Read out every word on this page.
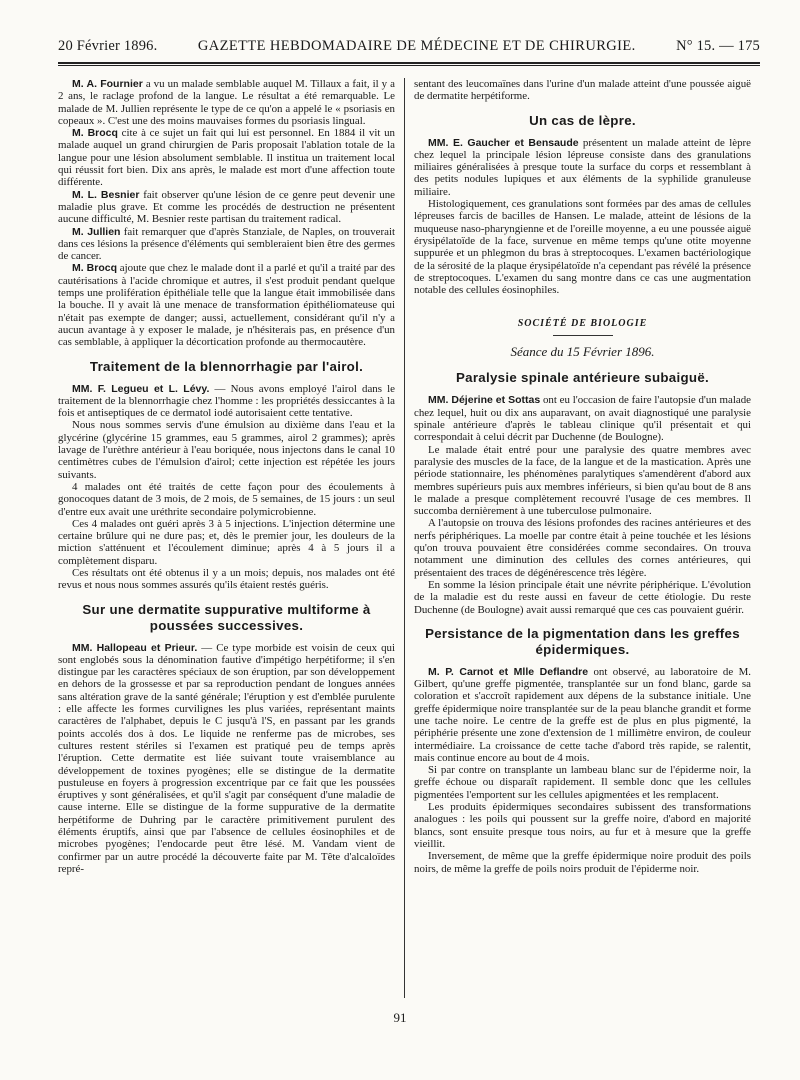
20 Février 1896.	GAZETTE HEBDOMADAIRE DE MÉDECINE ET DE CHIRURGIE.	N° 15. — 175

M. A. Fournier a vu un malade semblable auquel M. Tillaux a fait, il y a 2 ans, le raclage profond de la langue. Le résultat a été remarquable. Le malade de M. Jullien représente le type de ce qu'on a appelé le « psoriasis en copeaux ». C'est une des moins mauvaises formes du psoriasis lingual.

M. Brocq cite à ce sujet un fait qui lui est personnel. En 1884 il vit un malade auquel un grand chirurgien de Paris proposait l'ablation totale de la langue pour une lésion absolument semblable. Il institua un traitement local qui réussit fort bien. Dix ans après, le malade est mort d'une affection toute différente.

M. L. Besnier fait observer qu'une lésion de ce genre peut devenir une maladie plus grave. Et comme les procédés de destruction ne présentent aucune difficulté, M. Besnier reste partisan du traitement radical.

M. Jullien fait remarquer que d'après Stanziale, de Naples, on trouverait dans ces lésions la présence d'éléments qui sembleraient bien être des germes de cancer.

M. Brocq ajoute que chez le malade dont il a parlé et qu'il a traité par des cautérisations à l'acide chromique et autres, il s'est produit pendant quelque temps une prolifération épithéliale telle que la langue était immobilisée dans la bouche. Il y avait là une menace de transformation épithéliomateuse qui n'était pas exempte de danger; aussi, actuellement, considérant qu'il n'y a aucun avantage à y exposer le malade, je n'hésiterais pas, en présence d'un cas semblable, à appliquer la décortication profonde au thermocautère.

Traitement de la blennorrhagie par l'airol.

MM. F. Legueu et L. Lévy. — Nous avons employé l'airol dans le traitement de la blennorrhagie chez l'homme : les propriétés dessiccantes à la fois et antiseptiques de ce dermatol iodé autorisaient cette tentative.

Nous nous sommes servis d'une émulsion au dixième dans l'eau et la glycérine (glycérine 15 grammes, eau 5 grammes, airol 2 grammes); après lavage de l'urèthre antérieur à l'eau boriquée, nous injectons dans le canal 10 centimètres cubes de l'émulsion d'airol; cette injection est répétée les jours suivants.

4 malades ont été traités de cette façon pour des écoulements à gonocoques datant de 3 mois, de 2 mois, de 5 semaines, de 15 jours : un seul d'entre eux avait une uréthrite secondaire polymicrobienne.

Ces 4 malades ont guéri après 3 à 5 injections. L'injection détermine une certaine brûlure qui ne dure pas; et, dès le premier jour, les douleurs de la miction s'atténuent et l'écoulement diminue; après 4 à 5 jours il a complètement disparu.

Ces résultats ont été obtenus il y a un mois; depuis, nos malades ont été revus et nous nous sommes assurés qu'ils étaient restés guéris.

Sur une dermatite suppurative multiforme à poussées successives.

MM. Hallopeau et Prieur. — Ce type morbide est voisin de ceux qui sont englobés sous la dénomination fautive d'impétigo herpétiforme; il s'en distingue par les caractères spéciaux de son éruption, par son développement en dehors de la grossesse et par sa reproduction pendant de longues années sans altération grave de la santé générale; l'éruption y est d'emblée purulente : elle affecte les formes curvilignes les plus variées, représentant maints caractères de l'alphabet, depuis le C jusqu'à l'S, en passant par les grands points accolés dos à dos. Le liquide ne renferme pas de microbes, ses cultures restent stériles si l'examen est pratiqué peu de temps après l'éruption. Cette dermatite est liée suivant toute vraisemblance au développement de toxines pyogènes; elle se distingue de la dermatite pustuleuse en foyers à progression excentrique par ce fait que les poussées éruptives y sont généralisées, et qu'il s'agit par conséquent d'une maladie de cause interne. Elle se distingue de la forme suppurative de la dermatite herpétiforme de Duhring par le caractère primitivement purulent des éléments éruptifs, ainsi que par l'absence de cellules éosinophiles et de microbes pyogènes; l'endocarde peut être lésé. M. Vandam vient de confirmer par un autre procédé la découverte faite par M. Tête d'alcaloïdes repré-

sentant des leucomaïnes dans l'urine d'un malade atteint d'une poussée aiguë de dermatite herpétiforme.

Un cas de lèpre.

MM. E. Gaucher et Bensaude présentent un malade atteint de lèpre chez lequel la principale lésion lépreuse consiste dans des granulations miliaires généralisées à presque toute la surface du corps et ressemblant à des petits nodules lupiques et aux éléments de la syphilide granuleuse miliaire.

Histologiquement, ces granulations sont formées par des amas de cellules lépreuses farcis de bacilles de Hansen. Le malade, atteint de lésions de la muqueuse naso-pharyngienne et de l'oreille moyenne, a eu une poussée aiguë érysipélatoïde de la face, survenue en même temps qu'une otite moyenne suppurée et un phlegmon du bras à streptocoques. L'examen bactériologique de la sérosité de la plaque érysipélatoïde n'a cependant pas révélé la présence de streptocoques. L'examen du sang montre dans ce cas une augmentation notable des cellules éosinophiles.

SOCIÉTÉ DE BIOLOGIE
Séance du 15 Février 1896.
Paralysie spinale antérieure subaiguë.

MM. Déjerine et Sottas ont eu l'occasion de faire l'autopsie d'un malade chez lequel, huit ou dix ans auparavant, on avait diagnostiqué une paralysie spinale antérieure d'après le tableau clinique qu'il présentait et qui correspondait à celui décrit par Duchenne (de Boulogne).

Le malade était entré pour une paralysie des quatre membres avec paralysie des muscles de la face, de la langue et de la mastication. Après une période stationnaire, les phénomènes paralytiques s'amendèrent d'abord aux membres supérieurs puis aux membres inférieurs, si bien qu'au bout de 8 ans le malade a presque complètement recouvré l'usage de ces membres. Il succomba dernièrement à une tuberculose pulmonaire.

A l'autopsie on trouva des lésions profondes des racines antérieures et des nerfs périphériques. La moelle par contre était à peine touchée et les lésions qu'on trouva pouvaient être considérées comme secondaires. On trouva notamment une diminution des cellules des cornes antérieures, qui présentaient des traces de dégénérescence très légère.

En somme la lésion principale était une névrite périphérique. L'évolution de la maladie est du reste aussi en faveur de cette étiologie. Du reste Duchenne (de Boulogne) avait aussi remarqué que ces cas pouvaient guérir.

Persistance de la pigmentation dans les greffes épidermiques.

M. P. Carnot et Mlle Deflandre ont observé, au laboratoire de M. Gilbert, qu'une greffe pigmentée, transplantée sur un fond blanc, garde sa coloration et s'accroît rapidement aux dépens de la substance initiale. Une greffe épidermique noire transplantée sur de la peau blanche grandit et forme une tache noire. Le centre de la greffe est de plus en plus pigmenté, la périphérie présente une zone d'extension de 1 millimètre environ, de couleur intermédiaire. La croissance de cette tache d'abord très rapide, se ralentit, mais continue encore au bout de 4 mois.

Si par contre on transplante un lambeau blanc sur de l'épiderme noir, la greffe échoue ou disparaît rapidement. Il semble donc que les cellules pigmentées l'emportent sur les cellules apigmentées et les remplacent.

Les produits épidermiques secondaires subissent des transformations analogues : les poils qui poussent sur la greffe noire, d'abord en majorité blancs, sont ensuite presque tous noirs, au fur et à mesure que la greffe vieillit.

Inversement, de même que la greffe épidermique noire produit des poils noirs, de même la greffe de poils noirs produit de l'épiderme noir.

91
